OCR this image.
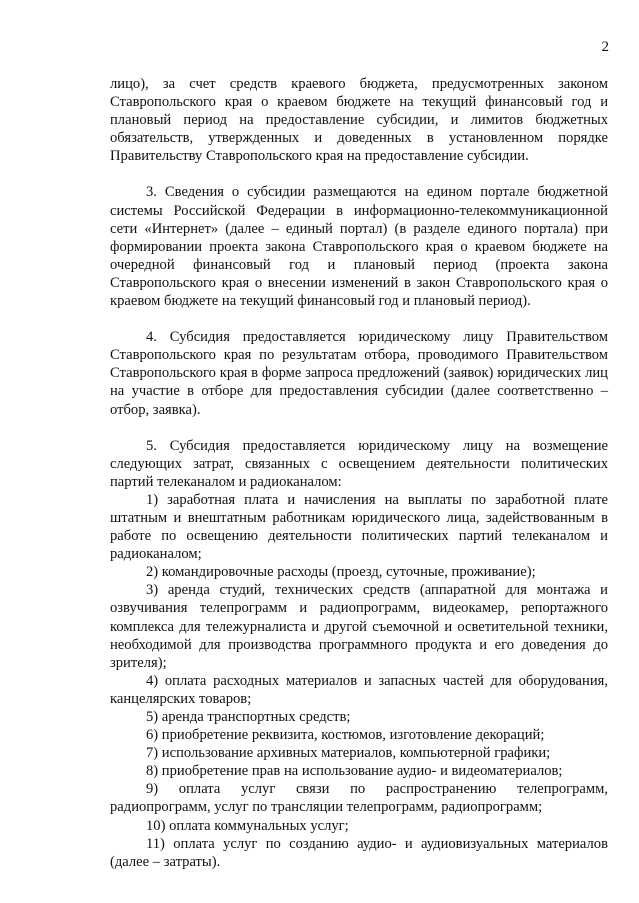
2

лицо), за счет средств краевого бюджета, предусмотренных законом Ставропольского края о краевом бюджете на текущий финансовый год и плановый период на предоставление субсидии, и лимитов бюджетных обязательств, утвержденных и доведенных в установленном порядке Правительству Ставропольского края на предоставление субсидии.

3. Сведения о субсидии размещаются на едином портале бюджетной системы Российской Федерации в информационно-телекоммуникационной сети «Интернет» (далее – единый портал) (в разделе единого портала) при формировании проекта закона Ставропольского края о краевом бюджете на очередной финансовый год и плановый период (проекта закона Ставропольского края о внесении изменений в закон Ставропольского края о краевом бюджете на текущий финансовый год и плановый период).

4. Субсидия предоставляется юридическому лицу Правительством Ставропольского края по результатам отбора, проводимого Правительством Ставропольского края в форме запроса предложений (заявок) юридических лиц на участие в отборе для предоставления субсидии (далее соответственно – отбор, заявка).

5. Субсидия предоставляется юридическому лицу на возмещение следующих затрат, связанных с освещением деятельности политических партий телеканалом и радиоканалом:

1) заработная плата и начисления на выплаты по заработной плате штатным и внештатным работникам юридического лица, задействованным в работе по освещению деятельности политических партий телеканалом и радиоканалом;

2) командировочные расходы (проезд, суточные, проживание);

3) аренда студий, технических средств (аппаратной для монтажа и озвучивания телепрограмм и радиопрограмм, видеокамер, репортажного комплекса для тележурналиста и другой съемочной и осветительной техники, необходимой для производства программного продукта и его доведения до зрителя);

4) оплата расходных материалов и запасных частей для оборудования, канцелярских товаров;

5) аренда транспортных средств;

6) приобретение реквизита, костюмов, изготовление декораций;

7) использование архивных материалов, компьютерной графики;

8) приобретение прав на использование аудио- и видеоматериалов;

9) оплата услуг связи по распространению телепрограмм, радиопрограмм, услуг по трансляции телепрограмм, радиопрограмм;

10) оплата коммунальных услуг;

11) оплата услуг по созданию аудио- и аудиовизуальных материалов (далее – затраты).
